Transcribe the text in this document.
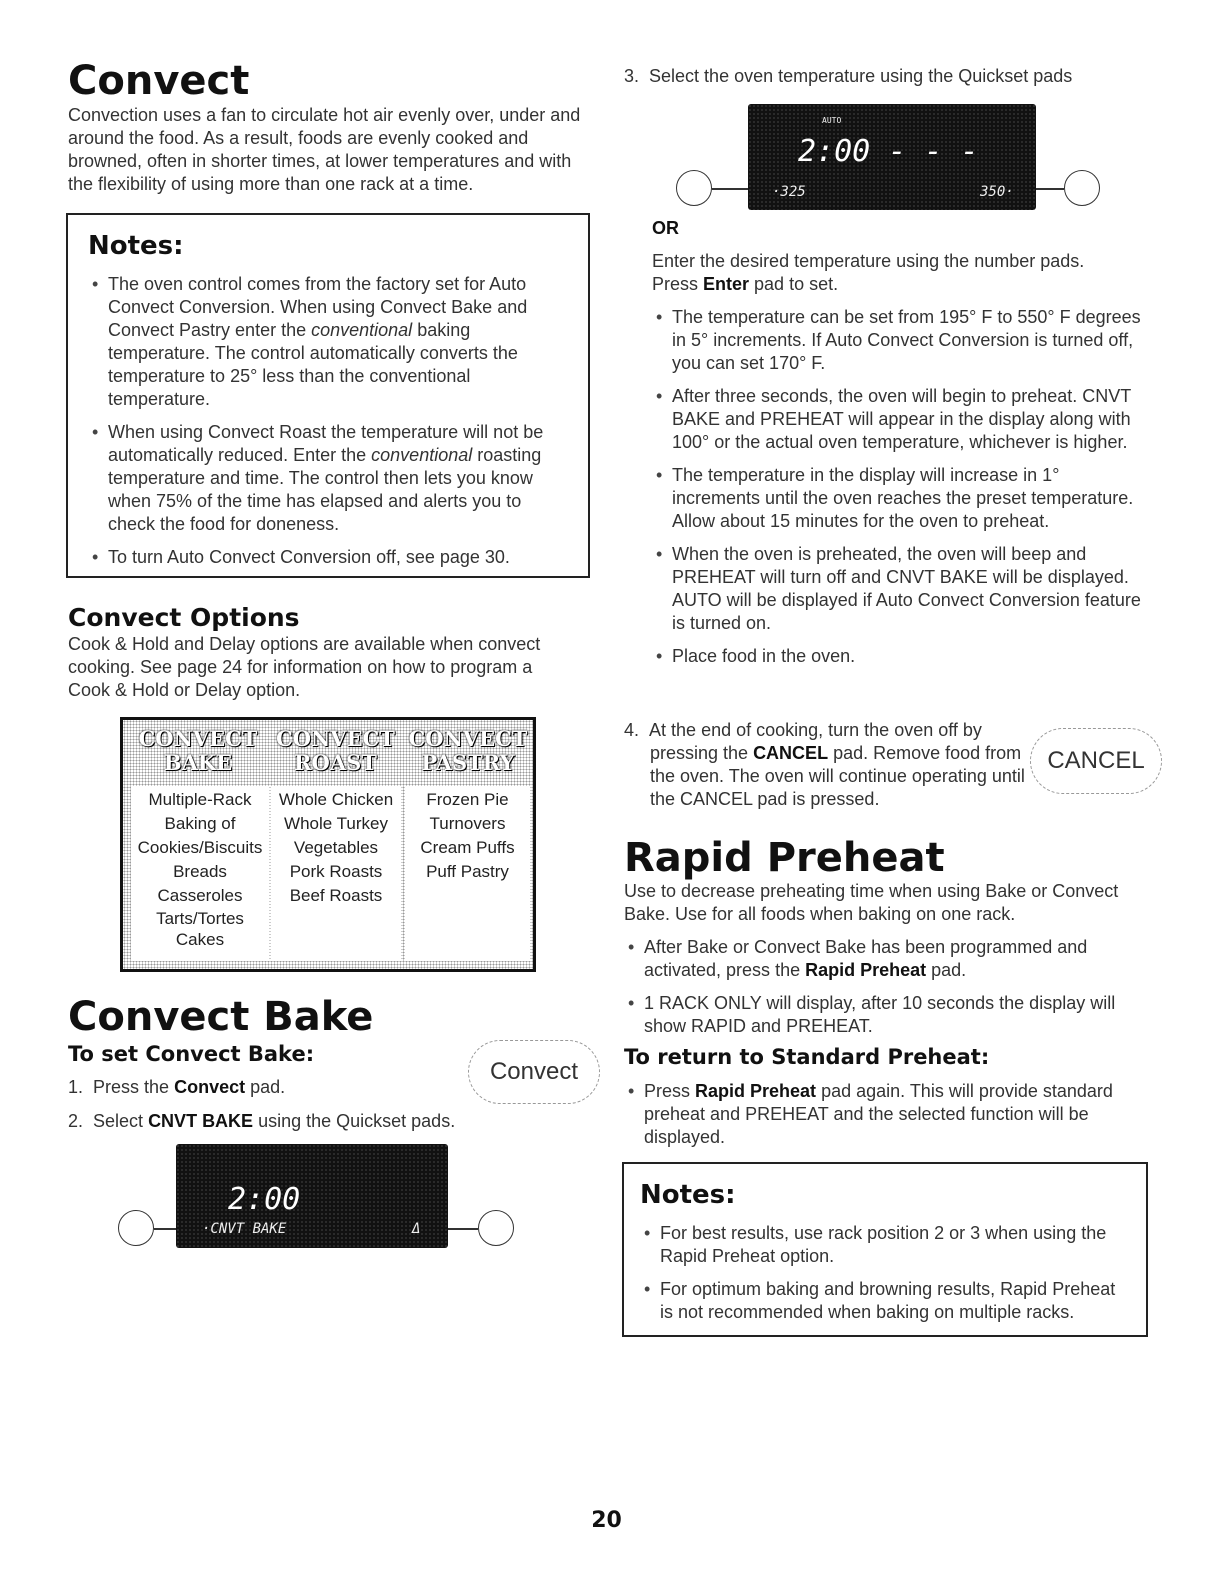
Convect

Convection uses a fan to circulate hot air evenly over, under and around the food. As a result, foods are evenly cooked and browned, often in shorter times, at lower temperatures and with the flexibility of using more than one rack at a time.

Notes:
• The oven control comes from the factory set for Auto Convect Conversion. When using Convect Bake and Convect Pastry enter the conventional baking temperature. The control automatically converts the temperature to 25° less than the conventional temperature.
• When using Convect Roast the temperature will not be automatically reduced. Enter the conventional roasting temperature and time. The control then lets you know when 75% of the time has elapsed and alerts you to check the food for doneness.
• To turn Auto Convect Conversion off, see page 30.
Convect Options

Cook & Hold and Delay options are available when convect cooking. See page 24 for information on how to program a Cook & Hold or Delay option.

CONVECT
BAKE
CONVECT
ROAST
CONVECT
PASTRY
Multiple-Rack
Baking of
Cookies/Biscuits
Breads
Casseroles
Tarts/Tortes
Cakes
Whole Chicken
Whole Turkey
Vegetables
Pork Roasts
Beef Roasts
Frozen Pie
Turnovers
Cream Puffs
Puff Pastry
Convect Bake
To set Convect Bake:
Convect

1. Press the Convect pad.

2. Select CNVT BAKE using the Quickset pads.

2:00
·CNVT BAKE	Δ

3. Select the oven temperature using the Quickset pads

AUTO
2:00 - - -
·325	350·
OR

Enter the desired temperature using the number pads. Press Enter pad to set.

• The temperature can be set from 195° F to 550° F degrees in 5° increments. If Auto Convect Conversion is turned off, you can set 170° F.
• After three seconds, the oven will begin to preheat. CNVT BAKE and PREHEAT will appear in the display along with 100° or the actual oven temperature, whichever is higher.
• The temperature in the display will increase in 1° increments until the oven reaches the preset temperature. Allow about 15 minutes for the oven to preheat.
• When the oven is preheated, the oven will beep and PREHEAT will turn off and CNVT BAKE will be displayed. AUTO will be displayed if Auto Convect Conversion feature is turned on.
• Place food in the oven.

4. At the end of cooking, turn the oven off by pressing the CANCEL pad. Remove food from the oven. The oven will continue operating until the CANCEL pad is pressed.

CANCEL
Rapid Preheat

Use to decrease preheating time when using Bake or Convect Bake. Use for all foods when baking on one rack.

• After Bake or Convect Bake has been programmed and activated, press the Rapid Preheat pad.
• 1 RACK ONLY will display, after 10 seconds the display will show RAPID and PREHEAT.
To return to Standard Preheat:
• Press Rapid Preheat pad again. This will provide standard preheat and PREHEAT and the selected function will be displayed.
Notes:
• For best results, use rack position 2 or 3 when using the Rapid Preheat option.
• For optimum baking and browning results, Rapid Preheat is not recommended when baking on multiple racks.
20
